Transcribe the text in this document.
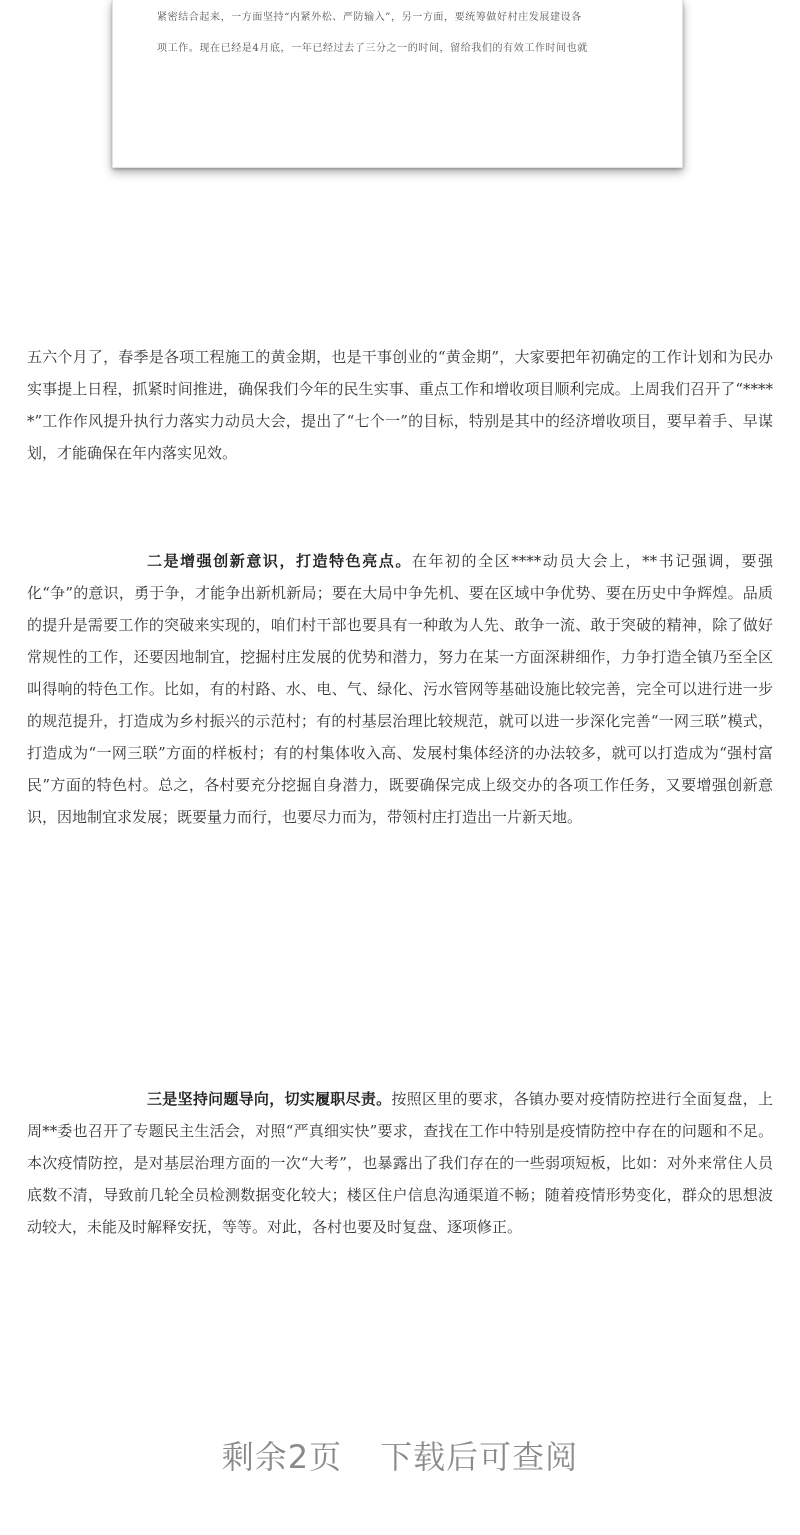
紧密结合起来，一方面坚持“内紧外松、严防输入”，另一方面，要统筹做好村庄发展建设各
项工作。现在已经是4月底，一年已经过去了三分之一的时间，留给我们的有效工作时间也就
五六个月了，春季是各项工程施工的黄金期，也是干事创业的“黄金期”，大家要把年初确定的工作计划和为民办实事提上日程，抓紧时间推进，确保我们今年的民生实事、重点工作和增收项目顺利完成。上周我们召开了“*****”工作作风提升执行力落实力动员大会，提出了“七个一”的目标，特别是其中的经济增收项目，要早着手、早谋划，才能确保在年内落实见效。
二是增强创新意识，打造特色亮点。在年初的全区****动员大会上，**书记强调，要强化“争”的意识，勇于争，才能争出新机新局；要在大局中争先机、要在区域中争优势、要在历史中争辉煌。品质的提升是需要工作的突破来实现的，咱们村干部也要具有一种敢为人先、敢争一流、敢于突破的精神，除了做好常规性的工作，还要因地制宜，挖掘村庄发展的优势和潜力，努力在某一方面深耕细作，力争打造全镇乃至全区叫得响的特色工作。比如，有的村路、水、电、气、绿化、污水管网等基础设施比较完善，完全可以进行进一步的规范提升，打造成为乡村振兴的示范村；有的村基层治理比较规范，就可以进一步深化完善“一网三联”模式，打造成为“一网三联”方面的样板村；有的村集体收入高、发展村集体经济的办法较多，就可以打造成为“强村富民”方面的特色村。总之，各村要充分挖掘自身潜力，既要确保完成上级交办的各项工作任务，又要增强创新意识，因地制宜求发展；既要量力而行，也要尽力而为，带领村庄打造出一片新天地。
三是坚持问题导向，切实履职尽责。按照区里的要求，各镇办要对疫情防控进行全面复盘，上周**委也召开了专题民主生活会，对照“严真细实快”要求，查找在工作中特别是疫情防控中存在的问题和不足。本次疫情防控，是对基层治理方面的一次“大考”，也暴露出了我们存在的一些弱项短板，比如：对外来常住人员底数不清，导致前几轮全员检测数据变化较大；楼区住户信息沟通渠道不畅；随着疫情形势变化，群众的思想波动较大，未能及时解释安抚，等等。对此，各村也要及时复盘、逐项修正。
剩余2页 下载后可查阅
